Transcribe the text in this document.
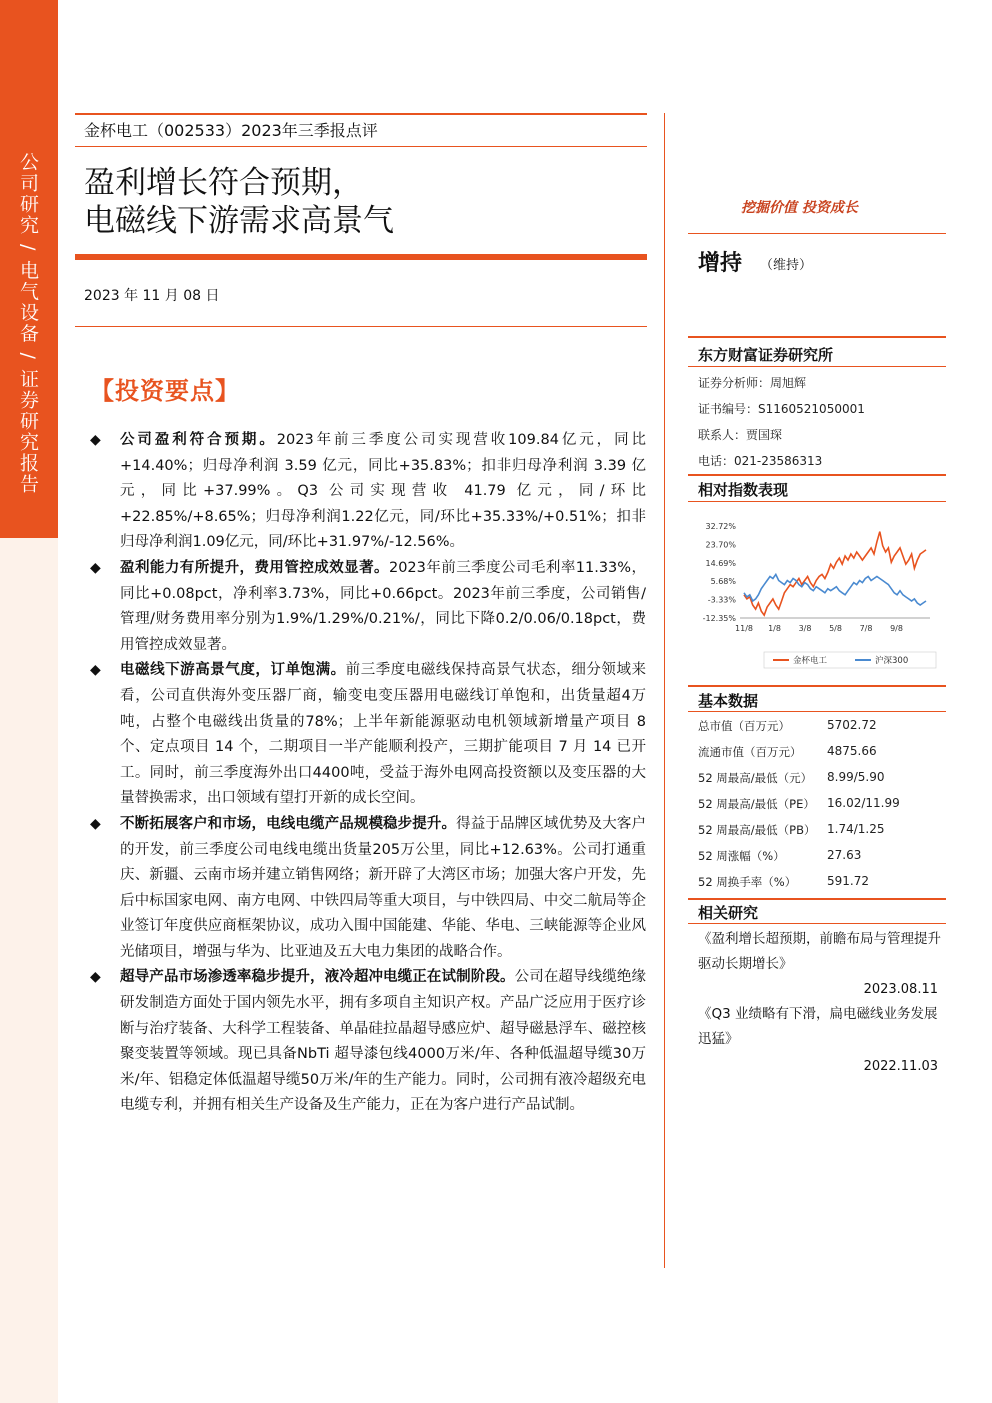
公司研究 / 电气设备 / 证券研究报告
金杯电工（002533）2023年三季报点评
盈利增长符合预期，
电磁线下游需求高景气
2023 年 11 月 08 日
【投资要点】
◆ 公司盈利符合预期。2023年前三季度公司实现营收109.84亿元，同比+14.40%；归母净利润 3.59 亿元，同比+35.83%；扣非归母净利润 3.39 亿元，同比+37.99%。Q3 公司实现营收 41.79 亿元，同/环比+22.85%/+8.65%；归母净利润1.22亿元，同/环比+35.33%/+0.51%；扣非归母净利润1.09亿元，同/环比+31.97%/-12.56%。
◆ 盈利能力有所提升，费用管控成效显著。2023年前三季度公司毛利率11.33%，同比+0.08pct，净利率3.73%，同比+0.66pct。2023年前三季度，公司销售/管理/财务费用率分别为1.9%/1.29%/0.21%/，同比下降0.2/0.06/0.18pct，费用管控成效显著。
◆ 电磁线下游高景气度，订单饱满。前三季度电磁线保持高景气状态，细分领域来看，公司直供海外变压器厂商，输变电变压器用电磁线订单饱和，出货量超4万吨，占整个电磁线出货量的78%；上半年新能源驱动电机领域新增量产项目 8 个、定点项目 14 个，二期项目一半产能顺利投产，三期扩能项目 7 月 14 已开工。同时，前三季度海外出口4400吨，受益于海外电网高投资额以及变压器的大量替换需求，出口领域有望打开新的成长空间。
◆ 不断拓展客户和市场，电线电缆产品规模稳步提升。得益于品牌区域优势及大客户的开发，前三季度公司电线电缆出货量205万公里，同比+12.63%。公司打通重庆、新疆、云南市场并建立销售网络；新开辟了大湾区市场；加强大客户开发，先后中标国家电网、南方电网、中铁四局等重大项目，与中铁四局、中交二航局等企业签订年度供应商框架协议，成功入围中国能建、华能、华电、三峡能源等企业风光储项目，增强与华为、比亚迪及五大电力集团的战略合作。
◆ 超导产品市场渗透率稳步提升，液冷超冲电缆正在试制阶段。公司在超导线缆绝缘研发制造方面处于国内领先水平，拥有多项自主知识产权。产品广泛应用于医疗诊断与治疗装备、大科学工程装备、单晶硅拉晶超导感应炉、超导磁悬浮车、磁控核聚变装置等领域。现已具备NbTi 超导漆包线4000万米/年、各种低温超导缆30万米/年、铝稳定体低温超导缆50万米/年的生产能力。同时，公司拥有液冷超级充电电缆专利，并拥有相关生产设备及生产能力，正在为客户进行产品试制。
挖掘价值 投资成长
增持 （维持）
东方财富证券研究所
证券分析师：周旭辉
证书编号：S1160521050001
联系人：贾国琛
电话：021-23586313
相对指数表现
32.72%
23.70%
14.69%
5.68%
-3.33%
-12.35%
11/8 1/8 3/8 5/8 7/8 9/8
金杯电工	沪深300
基本数据
总市值（百万元）	5702.72
流通市值（百万元） 4875.66
52 周最高/最低（元） 8.99/5.90
52 周最高/最低（PE） 16.02/11.99
52 周最高/最低（PB） 1.74/1.25
52 周涨幅（%）	27.63
52 周换手率（%）	591.72
相关研究
《盈利增长超预期，前瞻布局与管理提升驱动长期增长》
2023.08.11
《Q3 业绩略有下滑，扁电磁线业务发展迅猛》
2022.11.03
